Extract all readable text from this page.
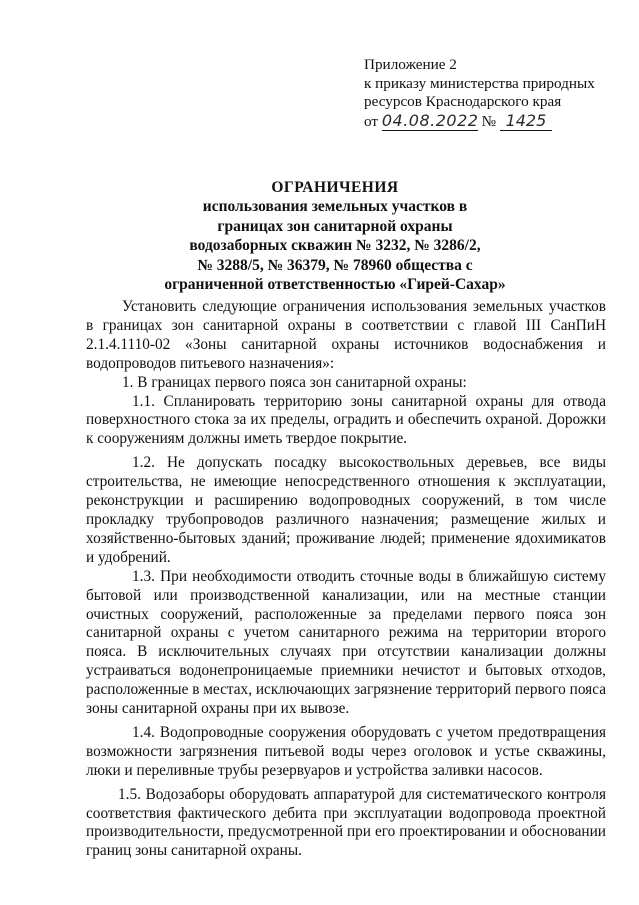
Приложение 2
к приказу министерства природных
ресурсов Краснодарского края
от 04.08.2022 № 1425
ОГРАНИЧЕНИЯ
использования земельных участков в
границах зон санитарной охраны
водозаборных скважин № 3232, № 3286/2,
№ 3288/5, № 36379, № 78960 общества с
ограниченной ответственностью «Гирей-Сахар»

Установить следующие ограничения использования земельных участков в границах зон санитарной охраны в соответствии с главой III СанПиН 2.1.4.1110-02 «Зоны санитарной охраны источников водоснабжения и водопроводов питьевого назначения»:

1. В границах первого пояса зон санитарной охраны:

1.1. Спланировать территорию зоны санитарной охраны для отвода поверхностного стока за их пределы, оградить и обеспечить охраной. Дорожки к сооружениям должны иметь твердое покрытие.

1.2. Не допускать посадку высокоствольных деревьев, все виды строительства, не имеющие непосредственного отношения к эксплуатации, реконструкции и расширению водопроводных сооружений, в том числе прокладку трубопроводов различного назначения; размещение жилых и хозяйственно-бытовых зданий; проживание людей; применение ядохимикатов и удобрений.

1.3. При необходимости отводить сточные воды в ближайшую систему бытовой или производственной канализации, или на местные станции очистных сооружений, расположенные за пределами первого пояса зон санитарной охраны с учетом санитарного режима на территории второго пояса. В исключительных случаях при отсутствии канализации должны устраиваться водонепроницаемые приемники нечистот и бытовых отходов, расположенные в местах, исключающих загрязнение территорий первого пояса зоны санитарной охраны при их вывозе.

1.4. Водопроводные сооружения оборудовать с учетом предотвращения возможности загрязнения питьевой воды через оголовок и устье скважины, люки и переливные трубы резервуаров и устройства заливки насосов.

1.5. Водозаборы оборудовать аппаратурой для систематического контроля соответствия фактического дебита при эксплуатации водопровода проектной производительности, предусмотренной при его проектировании и обосновании границ зоны санитарной охраны.
